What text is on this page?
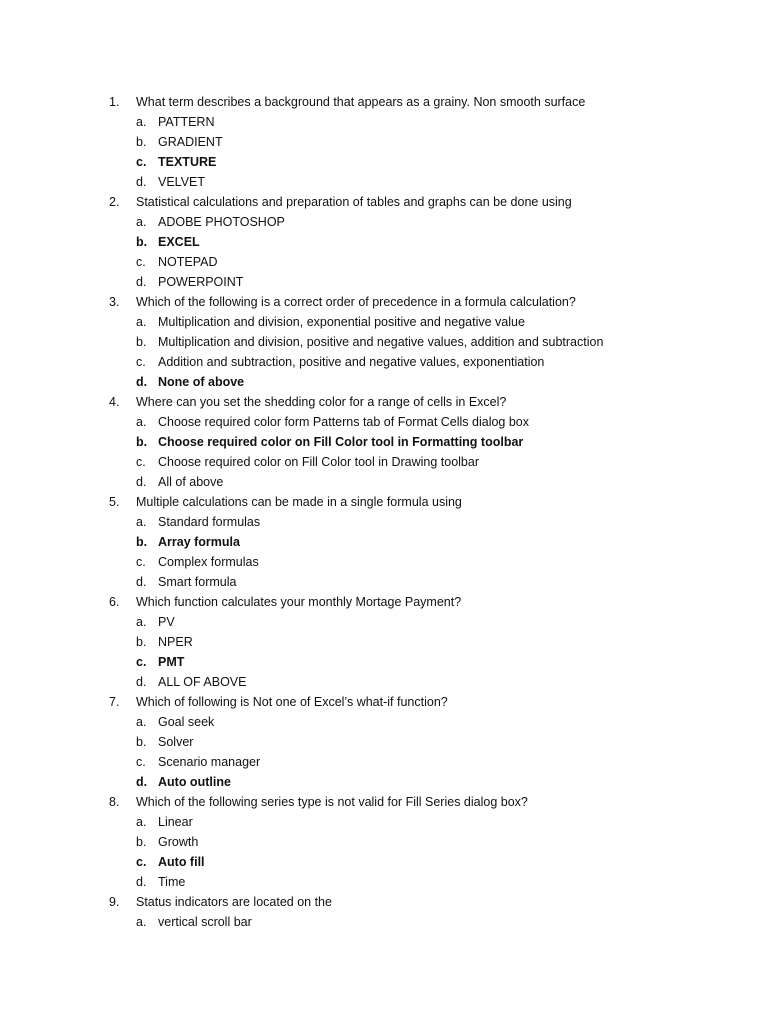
1.	What term describes a background that appears as a grainy. Non smooth surface
a. PATTERN
b. GRADIENT
c. TEXTURE
d. VELVET
2.	Statistical calculations and preparation of tables and graphs can be done using
a. ADOBE PHOTOSHOP
b. EXCEL
c. NOTEPAD
d. POWERPOINT
3.	Which of the following is a correct order of precedence in a formula calculation?
a. Multiplication and division, exponential positive and negative value
b. Multiplication and division, positive and negative values, addition and subtraction
c. Addition and subtraction, positive and negative values, exponentiation
d. None of above
4.	Where can you set the shedding color for a range of cells in Excel?
a. Choose required color form Patterns tab of Format Cells dialog box
b. Choose required color on Fill Color tool in Formatting toolbar
c. Choose required color on Fill Color tool in Drawing toolbar
d. All of above
5.	Multiple calculations can be made in a single formula using
a. Standard formulas
b. Array formula
c. Complex formulas
d. Smart formula
6.	Which function calculates your monthly Mortage Payment?
a. PV
b. NPER
c. PMT
d. ALL OF ABOVE
7.	Which of following is Not one of Excel’s what-if function?
a. Goal seek
b. Solver
c. Scenario manager
d. Auto outline
8.	Which of the following series type is not valid for Fill Series dialog box?
a. Linear
b. Growth
c. Auto fill
d. Time
9.	Status indicators are located on the
a. vertical scroll bar
